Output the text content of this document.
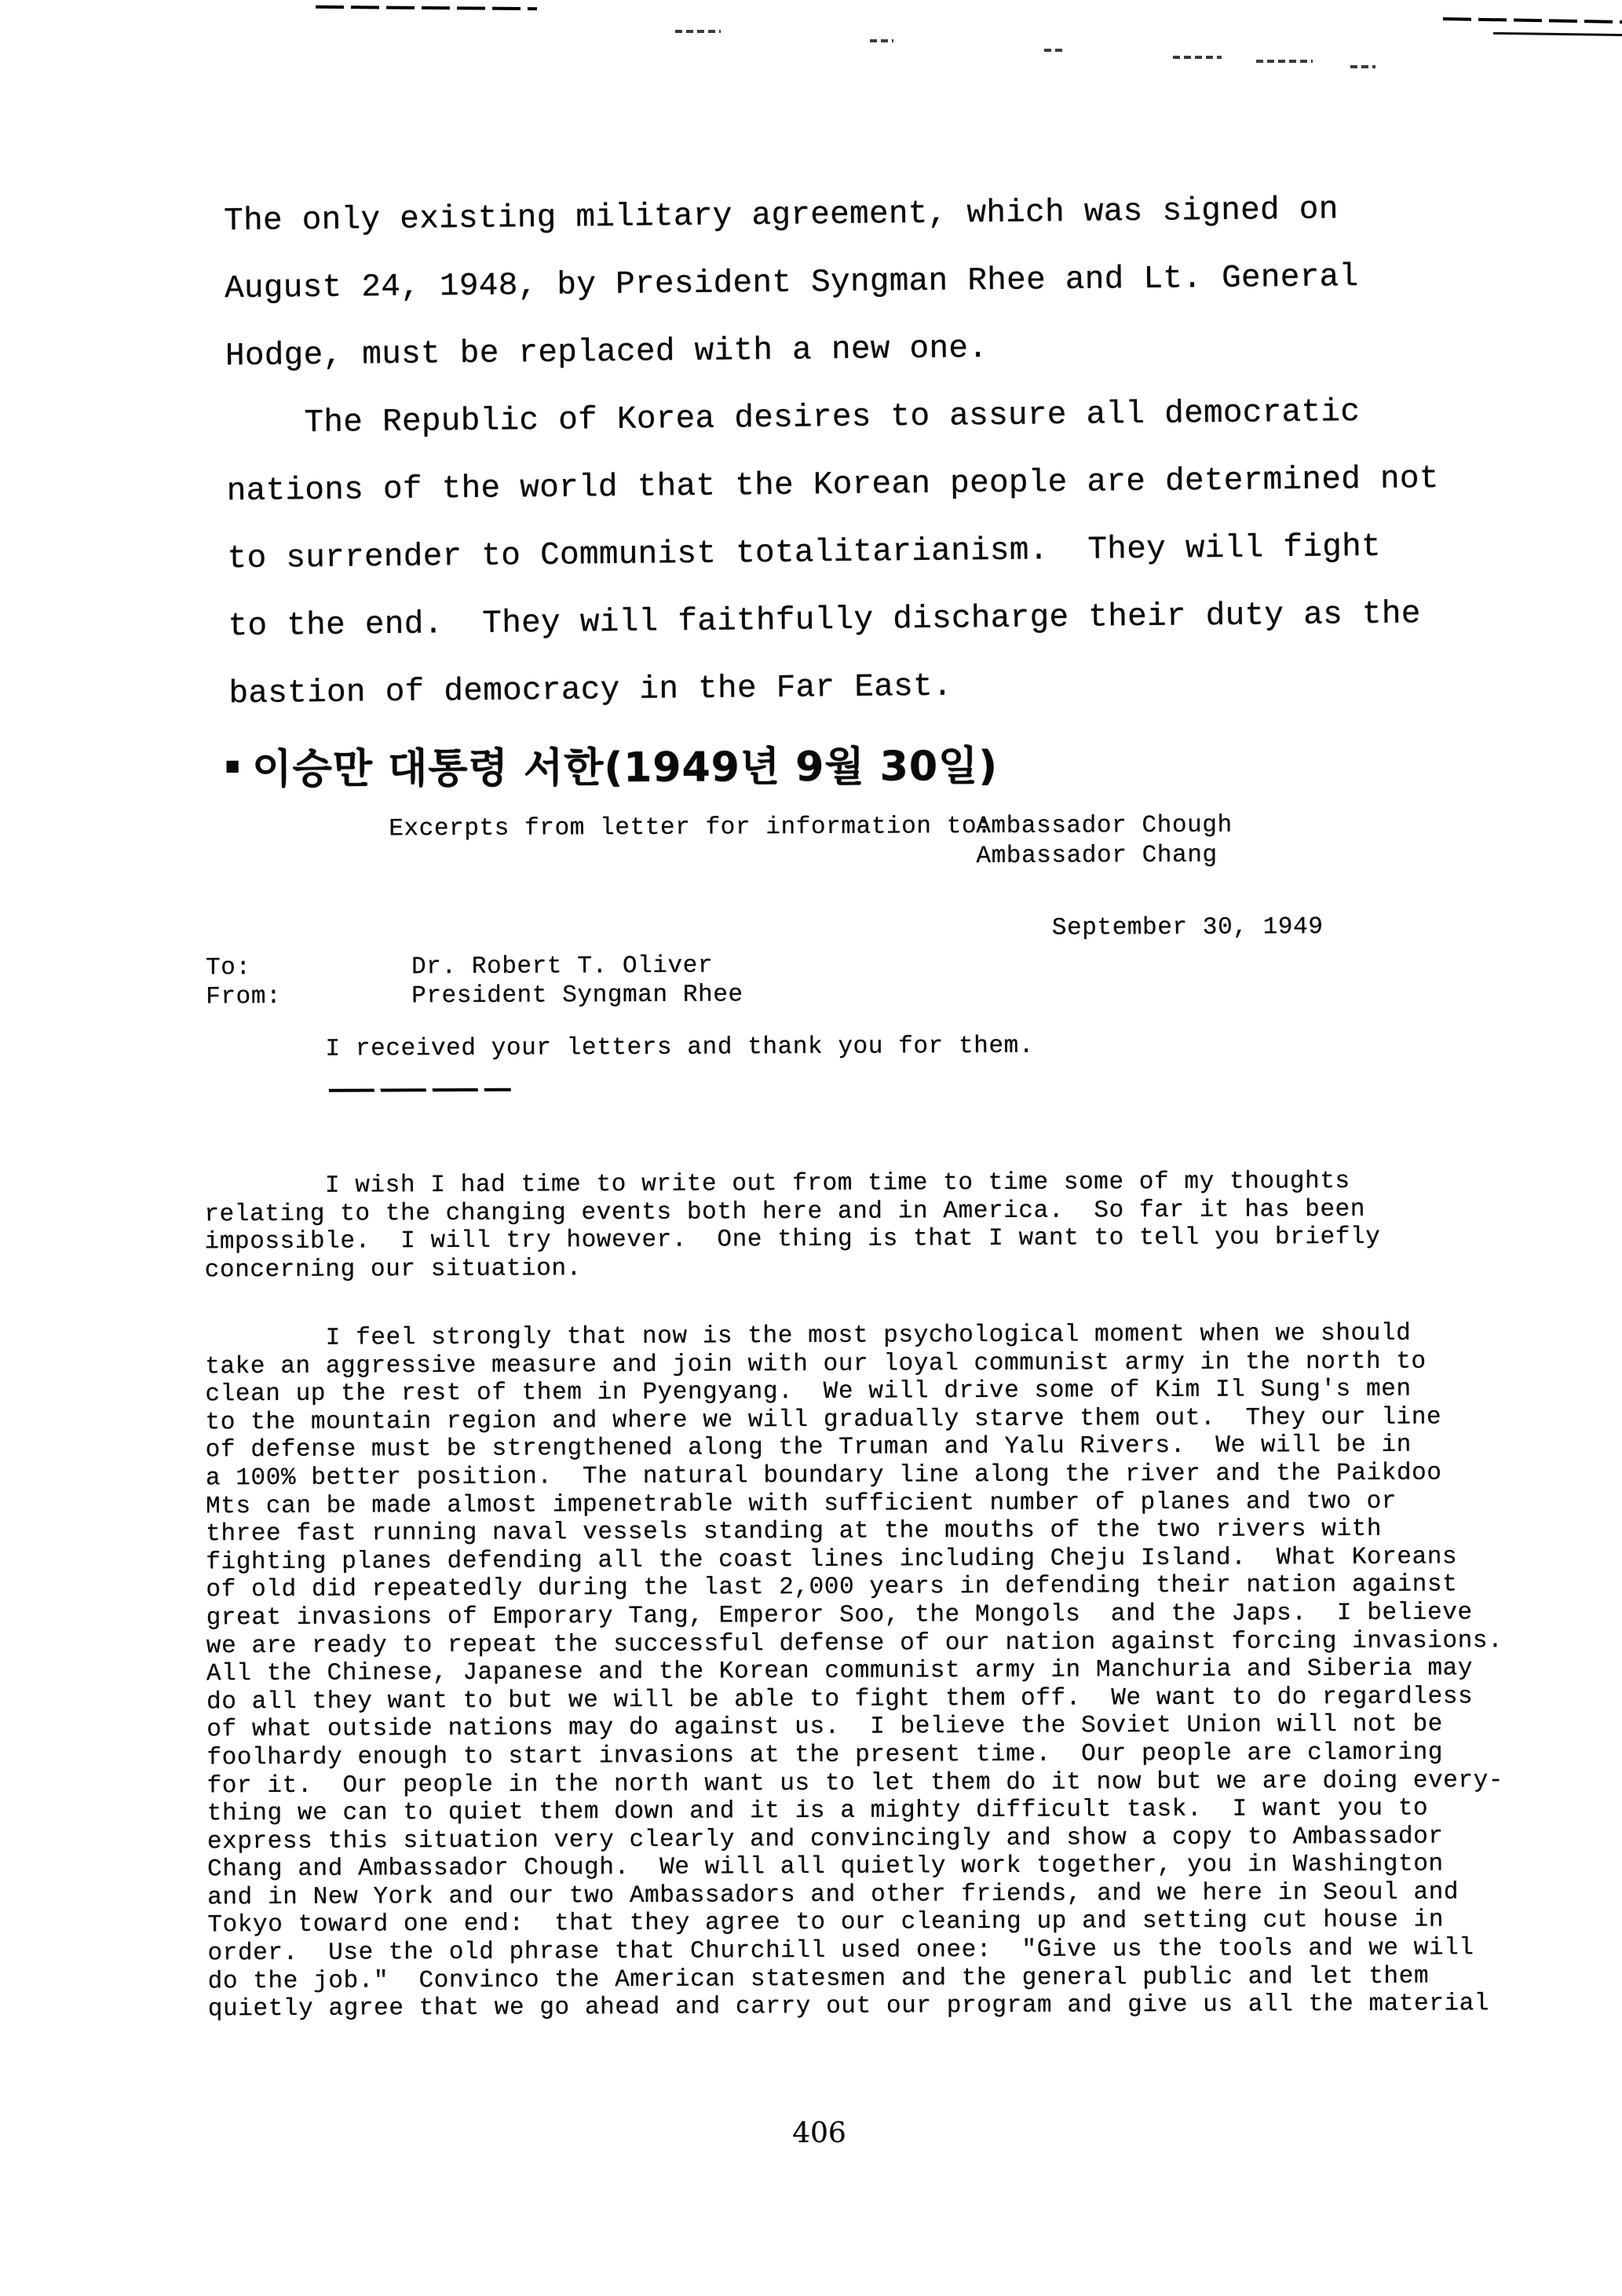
The only existing military agreement, which was signed on
August 24, 1948, by President Syngman Rhee and Lt. General
Hodge, must be replaced with a new one.
The Republic of Korea desires to assure all democratic
nations of the world that the Korean people are determined not
to surrender to Communist totalitarianism.  They will fight
to the end.  They will faithfully discharge their duty as the
bastion of democracy in the Far East.
▪ 이승만 대통령 서한(1949년 9월 30일)
Excerpts from letter for information to:
Ambassador Chough
Ambassador Chang
September 30, 1949
To:	Dr. Robert T. Oliver
From:	President Syngman Rhee
I received your letters and thank you for them.
I wish I had time to write out from time to time some of my thoughts
relating to the changing events both here and in America.  So far it has been
impossible.  I will try however.  One thing is that I want to tell you briefly
concerning our situation.
I feel strongly that now is the most psychological moment when we should
take an aggressive measure and join with our loyal communist army in the north to
clean up the rest of them in Pyengyang.  We will drive some of Kim Il Sung's men
to the mountain region and where we will gradually starve them out.  They our line
of defense must be strengthened along the Truman and Yalu Rivers.  We will be in
a 100% better position.  The natural boundary line along the river and the Paikdoo
Mts can be made almost impenetrable with sufficient number of planes and two or
three fast running naval vessels standing at the mouths of the two rivers with
fighting planes defending all the coast lines including Cheju Island.  What Koreans
of old did repeatedly during the last 2,000 years in defending their nation against
great invasions of Emporary Tang, Emperor Soo, the Mongols  and the Japs.  I believe
we are ready to repeat the successful defense of our nation against forcing invasions.
All the Chinese, Japanese and the Korean communist army in Manchuria and Siberia may
do all they want to but we will be able to fight them off.  We want to do regardless
of what outside nations may do against us.  I believe the Soviet Union will not be
foolhardy enough to start invasions at the present time.  Our people are clamoring
for it.  Our people in the north want us to let them do it now but we are doing every-
thing we can to quiet them down and it is a mighty difficult task.  I want you to
express this situation very clearly and convincingly and show a copy to Ambassador
Chang and Ambassador Chough.  We will all quietly work together, you in Washington
and in New York and our two Ambassadors and other friends, and we here in Seoul and
Tokyo toward one end:  that they agree to our cleaning up and setting cut house in
order.  Use the old phrase that Churchill used onee:  "Give us the tools and we will
do the job."  Convinco the American statesmen and the general public and let them
quietly agree that we go ahead and carry out our program and give us all the material
406
